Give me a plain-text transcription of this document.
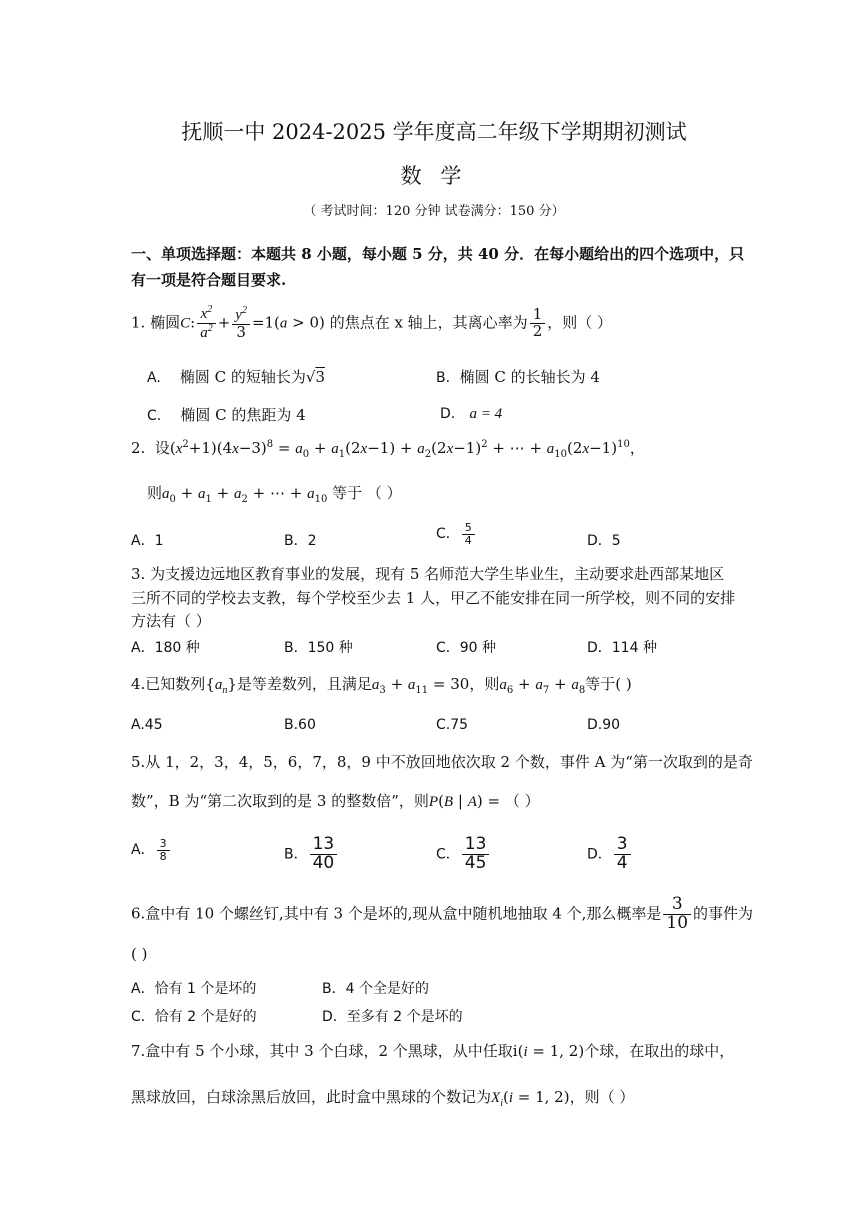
抚顺一中 2024-2025 学年度高二年级下学期期初测试
数 学
（ 考试时间：120 分钟 试卷满分：150 分）
一、单项选择题：本题共 8 小题，每小题 5 分，共 40 分．在每小题给出的四个选项中，只
有一项是符合题目要求.
1. 椭圆C: $\frac{x^2}{a^2} + \frac{y^2}{3} =1(a > 0)$ 的焦点在 x 轴上，其离心率为 $\frac{1}{2}$ ，则（ ）
A. 椭圆 C 的短轴长为√3	B. 椭圆 C 的长轴长为 4
C. 椭圆 C 的焦距为 4	D. a = 4
2. 设$(x^2+1)(4x-3)^8 = a_0 + a_1(2x-1) + a_2(2x-1)^2$ + ⋯ + $a_{10}(2x-1)^{10}$，
则$a_0 + a_1 + a_2$ + ⋯ + $a_{10}$ 等于 （ ）
A．1	B．2	C． $\frac{5}{4}$	D．5
3. 为支援边远地区教育事业的发展，现有 5 名师范大学生毕业生，主动要求赴西部某地区
三所不同的学校去支教，每个学校至少去 1 人，甲乙不能安排在同一所学校，则不同的安排
方法有（ ）
A．180 种	B．150 种	C．90 种	D．114 种
4.已知数列$\{a_n\}$是等差数列，且满足$a_3 + a_{11} = 30$，则$a_6 + a_7 + a_8$等于( )
A.45	B.60	C.75	D.90
5.从 1，2，3，4，5，6，7，8，9 中不放回地依次取 2 个数，事件 A 为“第一次取到的是奇
数”，B 为“第二次取到的是 3 的整数倍”，则P(B | A) = （ ）
A． $\frac{3}{8}$	B． $\frac{13}{40}$	C． $\frac{13}{45}$	D． $\frac{3}{4}$
6.盒中有 10 个螺丝钉,其中有 3 个是坏的,现从盒中随机地抽取 4 个,那么概率是 $\frac{3}{10}$ 的事件为
( )
A．恰有 1 个是坏的	B．4 个全是好的
C．恰有 2 个是好的	D．至多有 2 个是坏的
7.盒中有 5 个小球，其中 3 个白球，2 个黑球，从中任取i(i = 1, 2)个球，在取出的球中，
黑球放回，白球涂黑后放回，此时盒中黑球的个数记为$X_i(i = 1$, 2)，则（ ）
